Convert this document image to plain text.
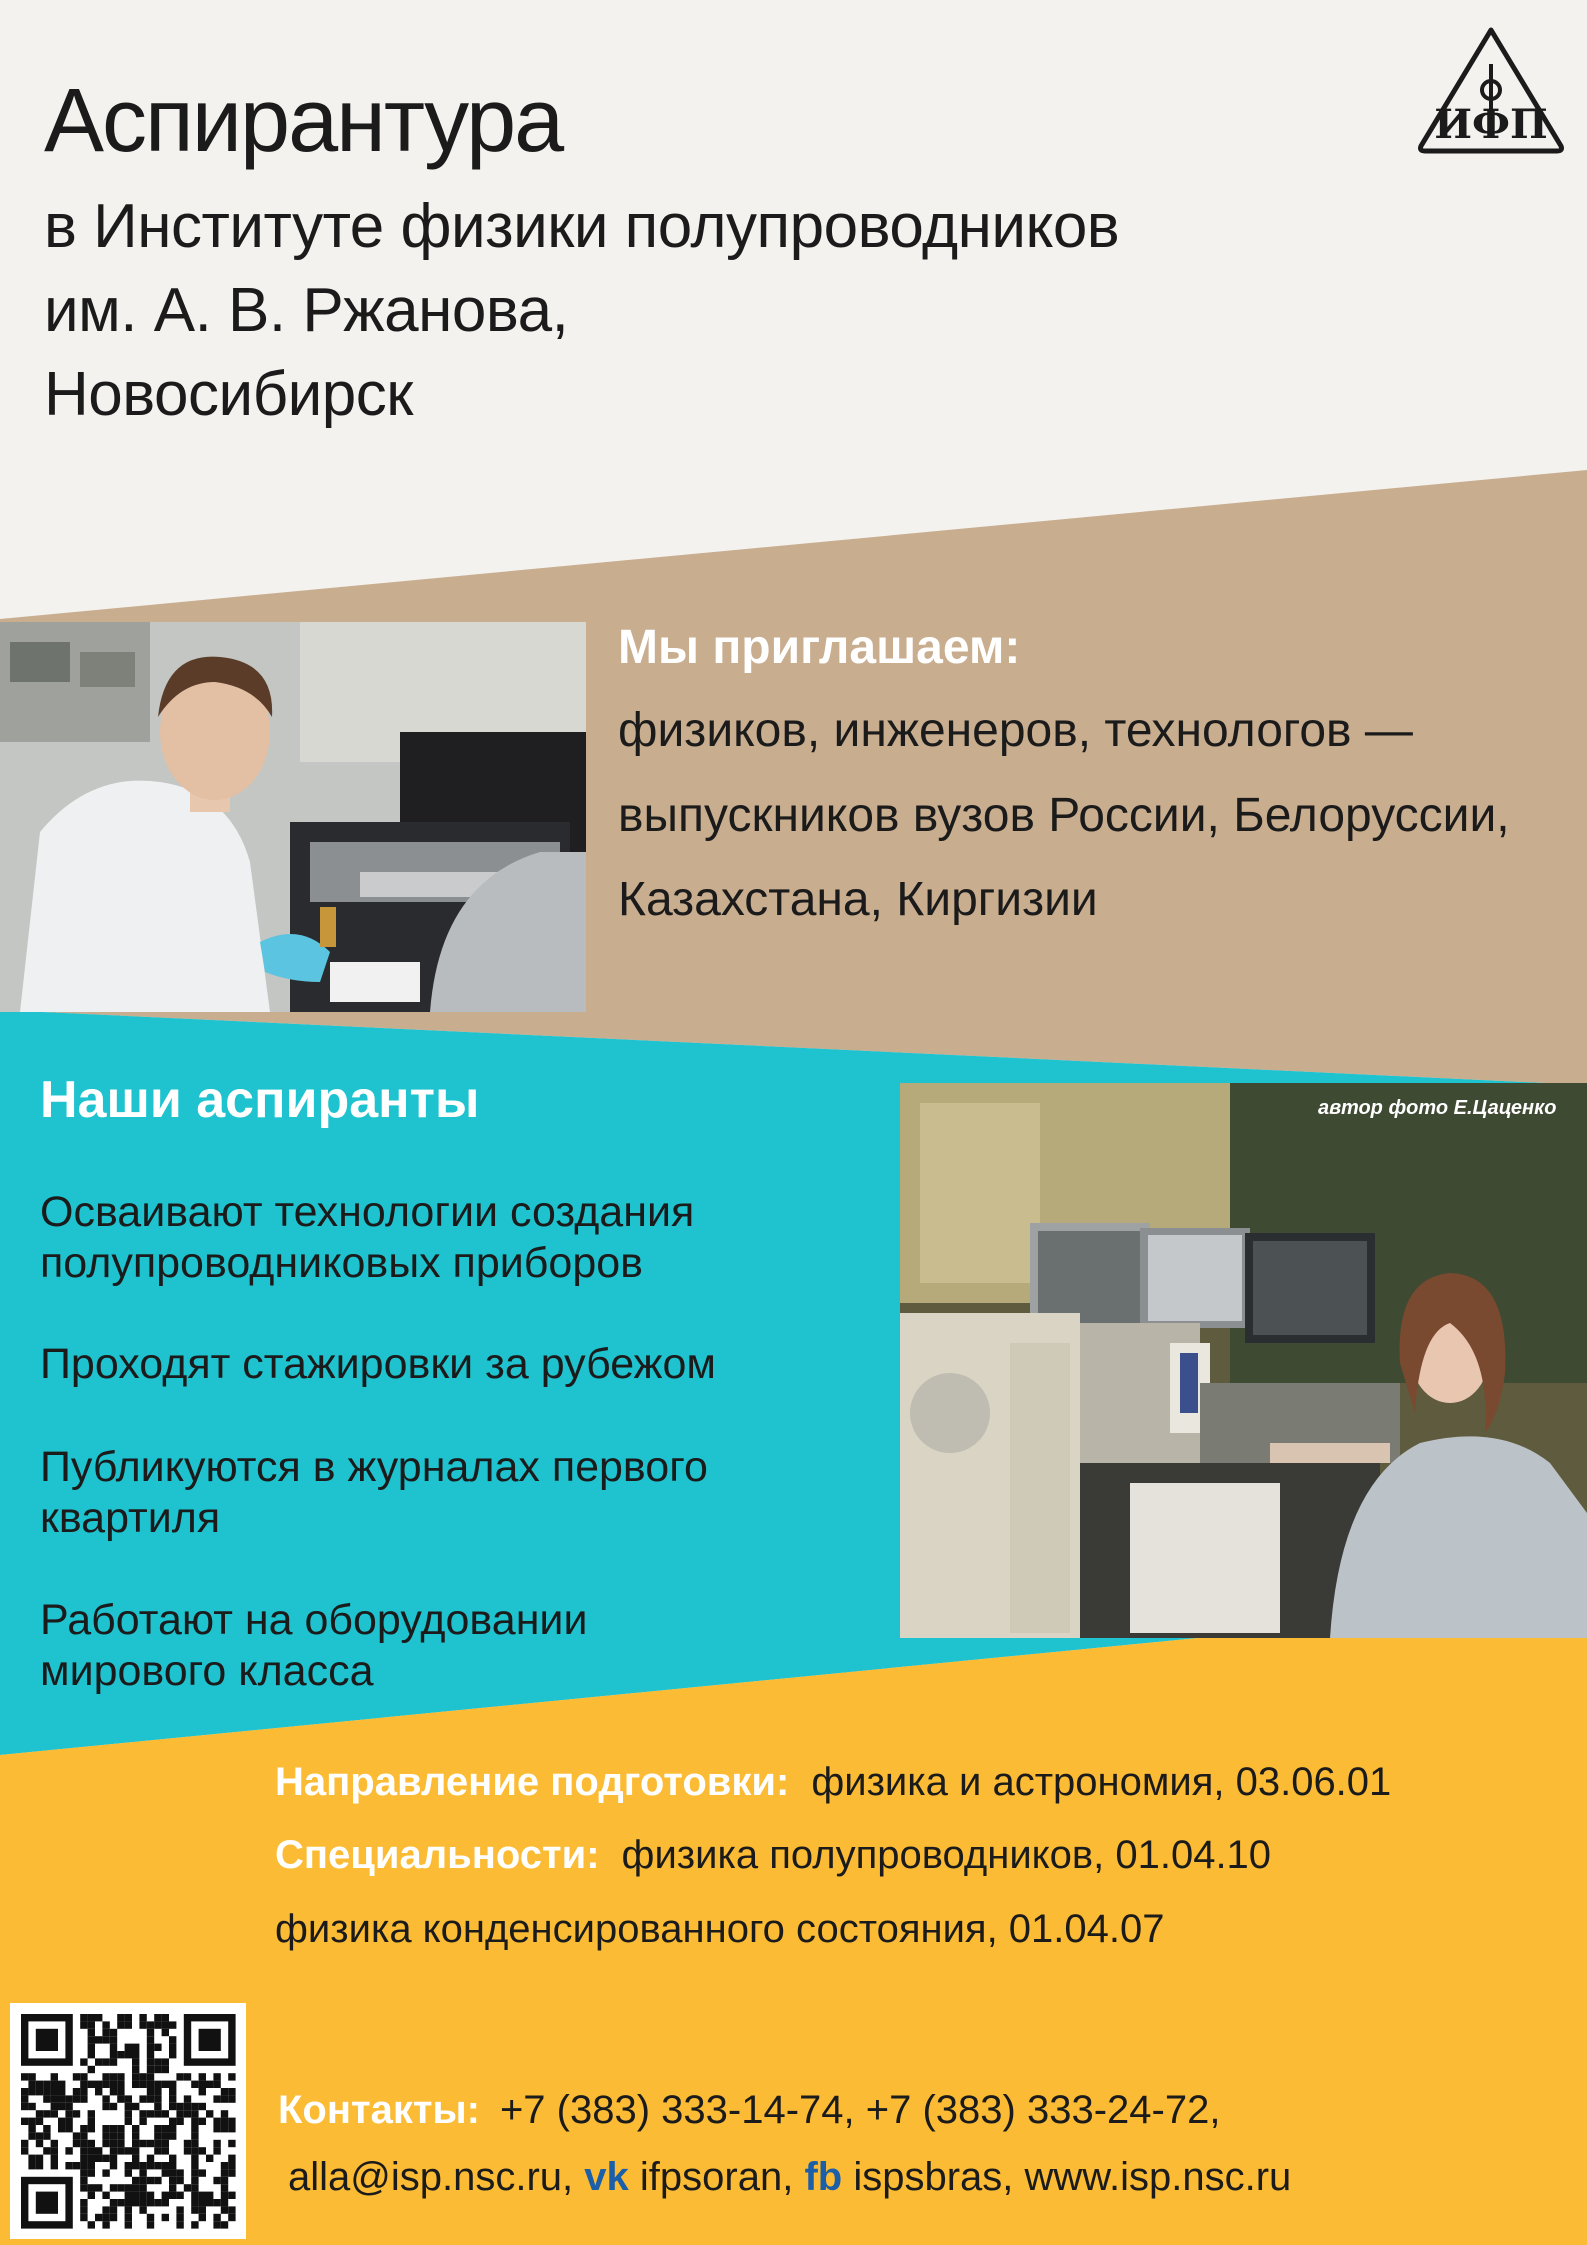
Аспирантура
в Институте физики полупроводников
им. А. В. Ржанова,
Новосибирск
ИФП
Мы приглашаем:
физиков, инженеров, технологов —
выпускников вузов России, Белоруссии,
Казахстана, Киргизии
Наши аспиранты
Осваивают технологии создания
полупроводниковых приборов
Проходят стажировки за рубежом
Публикуются в журналах первого
квартиля
Работают на оборудовании
мирового класса
автор фото Е.Цаценко
Направление подготовки: физика и астрономия, 03.06.01
Специальности: физика полупроводников, 01.04.10
физика конденсированного состояния, 01.04.07
Контакты: +7 (383) 333-14-74, +7 (383) 333-24-72,
alla@isp.nsc.ru, vk ifpsoran, fb ispsbras, www.isp.nsc.ru
